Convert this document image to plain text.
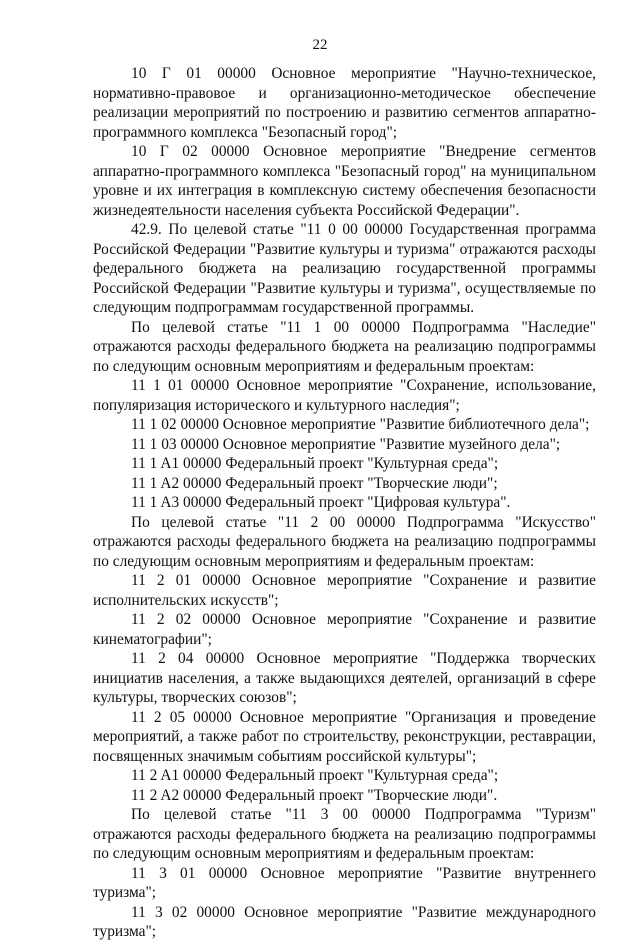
22

10 Г 01 00000 Основное мероприятие "Научно-техническое, нормативно-правовое и организационно-методическое обеспечение реализации мероприятий по построению и развитию сегментов аппаратно-программного комплекса "Безопасный город";

10 Г 02 00000 Основное мероприятие "Внедрение сегментов аппаратно-программного комплекса "Безопасный город" на муниципальном уровне и их интеграция в комплексную систему обеспечения безопасности жизнедеятельности населения субъекта Российской Федерации".

42.9. По целевой статье "11 0 00 00000 Государственная программа Российской Федерации "Развитие культуры и туризма" отражаются расходы федерального бюджета на реализацию государственной программы Российской Федерации "Развитие культуры и туризма", осуществляемые по следующим подпрограммам государственной программы.

По целевой статье "11 1 00 00000 Подпрограмма "Наследие" отражаются расходы федерального бюджета на реализацию подпрограммы по следующим основным мероприятиям и федеральным проектам:

11 1 01 00000 Основное мероприятие "Сохранение, использование, популяризация исторического и культурного наследия";

11 1 02 00000 Основное мероприятие "Развитие библиотечного дела";

11 1 03 00000 Основное мероприятие "Развитие музейного дела";

11 1 A1 00000 Федеральный проект "Культурная среда";

11 1 A2 00000 Федеральный проект "Творческие люди";

11 1 A3 00000 Федеральный проект "Цифровая культура".

По целевой статье "11 2 00 00000 Подпрограмма "Искусство" отражаются расходы федерального бюджета на реализацию подпрограммы по следующим основным мероприятиям и федеральным проектам:

11 2 01 00000 Основное мероприятие "Сохранение и развитие исполнительских искусств";

11 2 02 00000 Основное мероприятие "Сохранение и развитие кинематографии";

11 2 04 00000 Основное мероприятие "Поддержка творческих инициатив населения, а также выдающихся деятелей, организаций в сфере культуры, творческих союзов";

11 2 05 00000 Основное мероприятие "Организация и проведение мероприятий, а также работ по строительству, реконструкции, реставрации, посвященных значимым событиям российской культуры";

11 2 A1 00000 Федеральный проект "Культурная среда";

11 2 A2 00000 Федеральный проект "Творческие люди".

По целевой статье "11 3 00 00000 Подпрограмма "Туризм" отражаются расходы федерального бюджета на реализацию подпрограммы по следующим основным мероприятиям и федеральным проектам:

11 3 01 00000 Основное мероприятие "Развитие внутреннего туризма";

11 3 02 00000 Основное мероприятие "Развитие международного туризма";
